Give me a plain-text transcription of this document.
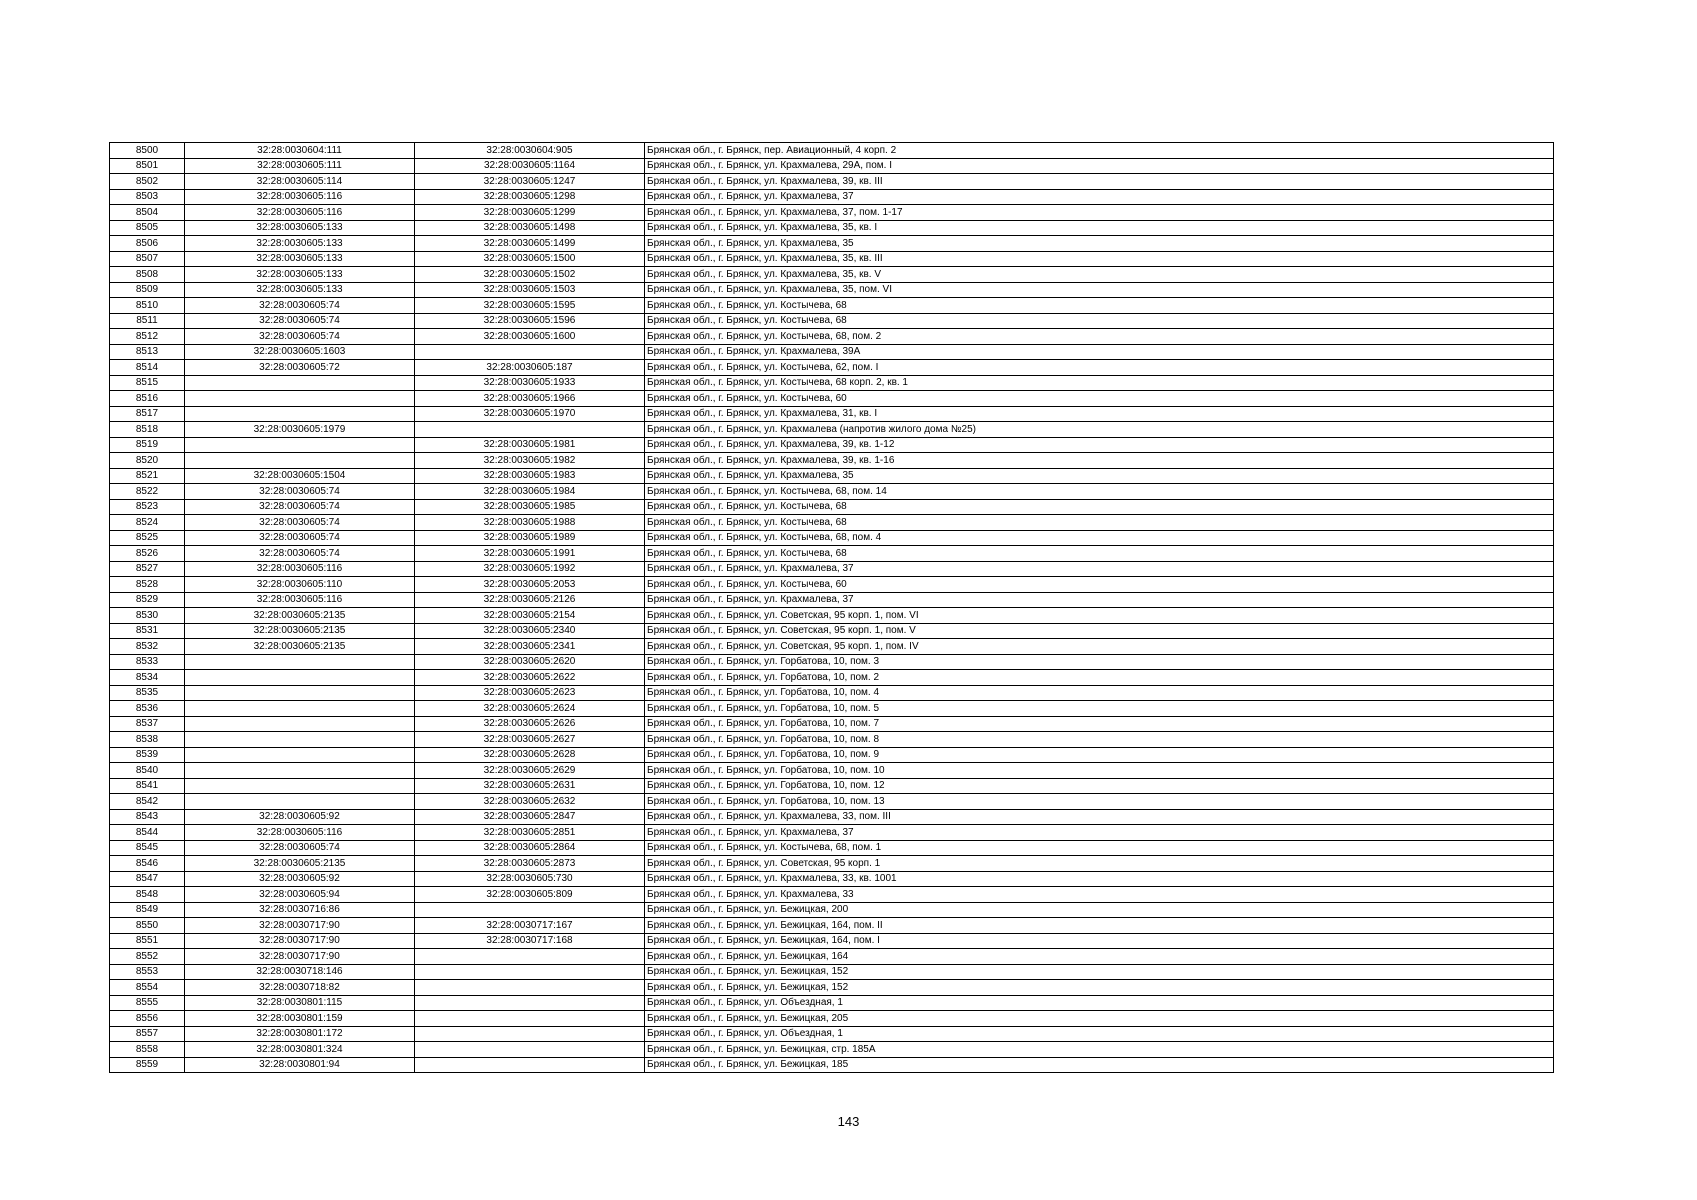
8500	32:28:0030604:111	32:28:0030604:905	Брянская обл., г. Брянск, пер. Авиационный, 4 корп. 2
8501	32:28:0030605:111	32:28:0030605:1164	Брянская обл., г. Брянск, ул. Крахмалева, 29А, пом. I
8502	32:28:0030605:114	32:28:0030605:1247	Брянская обл., г. Брянск, ул. Крахмалева, 39, кв. III
8503	32:28:0030605:116	32:28:0030605:1298	Брянская обл., г. Брянск, ул. Крахмалева, 37
8504	32:28:0030605:116	32:28:0030605:1299	Брянская обл., г. Брянск, ул. Крахмалева, 37, пом. 1-17
8505	32:28:0030605:133	32:28:0030605:1498	Брянская обл., г. Брянск, ул. Крахмалева, 35, кв. I
8506	32:28:0030605:133	32:28:0030605:1499	Брянская обл., г. Брянск, ул. Крахмалева, 35
8507	32:28:0030605:133	32:28:0030605:1500	Брянская обл., г. Брянск, ул. Крахмалева, 35, кв. III
8508	32:28:0030605:133	32:28:0030605:1502	Брянская обл., г. Брянск, ул. Крахмалева, 35, кв. V
8509	32:28:0030605:133	32:28:0030605:1503	Брянская обл., г. Брянск, ул. Крахмалева, 35, пом. VI
8510	32:28:0030605:74	32:28:0030605:1595	Брянская обл., г. Брянск, ул. Костычева, 68
8511	32:28:0030605:74	32:28:0030605:1596	Брянская обл., г. Брянск, ул. Костычева, 68
8512	32:28:0030605:74	32:28:0030605:1600	Брянская обл., г. Брянск, ул. Костычева, 68, пом. 2
8513	32:28:0030605:1603		Брянская обл., г. Брянск, ул. Крахмалева, 39А
8514	32:28:0030605:72	32:28:0030605:187	Брянская обл., г. Брянск, ул. Костычева, 62, пом. I
8515		32:28:0030605:1933	Брянская обл., г. Брянск, ул. Костычева, 68 корп. 2, кв. 1
8516		32:28:0030605:1966	Брянская обл., г. Брянск, ул. Костычева, 60
8517		32:28:0030605:1970	Брянская обл., г. Брянск, ул. Крахмалева, 31, кв. I
8518	32:28:0030605:1979		Брянская обл., г. Брянск, ул. Крахмалева (напротив жилого дома №25)
8519		32:28:0030605:1981	Брянская обл., г. Брянск, ул. Крахмалева, 39, кв. 1-12
8520		32:28:0030605:1982	Брянская обл., г. Брянск, ул. Крахмалева, 39, кв. 1-16
8521	32:28:0030605:1504	32:28:0030605:1983	Брянская обл., г. Брянск, ул. Крахмалева, 35
8522	32:28:0030605:74	32:28:0030605:1984	Брянская обл., г. Брянск, ул. Костычева, 68, пом. 14
8523	32:28:0030605:74	32:28:0030605:1985	Брянская обл., г. Брянск, ул. Костычева, 68
8524	32:28:0030605:74	32:28:0030605:1988	Брянская обл., г. Брянск, ул. Костычева, 68
8525	32:28:0030605:74	32:28:0030605:1989	Брянская обл., г. Брянск, ул. Костычева, 68, пом. 4
8526	32:28:0030605:74	32:28:0030605:1991	Брянская обл., г. Брянск, ул. Костычева, 68
8527	32:28:0030605:116	32:28:0030605:1992	Брянская обл., г. Брянск, ул. Крахмалева, 37
8528	32:28:0030605:110	32:28:0030605:2053	Брянская обл., г. Брянск, ул. Костычева, 60
8529	32:28:0030605:116	32:28:0030605:2126	Брянская обл., г. Брянск, ул. Крахмалева, 37
8530	32:28:0030605:2135	32:28:0030605:2154	Брянская обл., г. Брянск, ул. Советская, 95 корп. 1, пом. VI
8531	32:28:0030605:2135	32:28:0030605:2340	Брянская обл., г. Брянск, ул. Советская, 95 корп. 1, пом. V
8532	32:28:0030605:2135	32:28:0030605:2341	Брянская обл., г. Брянск, ул. Советская, 95 корп. 1, пом. IV
8533		32:28:0030605:2620	Брянская обл., г. Брянск, ул. Горбатова, 10, пом. 3
8534		32:28:0030605:2622	Брянская обл., г. Брянск, ул. Горбатова, 10, пом. 2
8535		32:28:0030605:2623	Брянская обл., г. Брянск, ул. Горбатова, 10, пом. 4
8536		32:28:0030605:2624	Брянская обл., г. Брянск, ул. Горбатова, 10, пом. 5
8537		32:28:0030605:2626	Брянская обл., г. Брянск, ул. Горбатова, 10, пом. 7
8538		32:28:0030605:2627	Брянская обл., г. Брянск, ул. Горбатова, 10, пом. 8
8539		32:28:0030605:2628	Брянская обл., г. Брянск, ул. Горбатова, 10, пом. 9
8540		32:28:0030605:2629	Брянская обл., г. Брянск, ул. Горбатова, 10, пом. 10
8541		32:28:0030605:2631	Брянская обл., г. Брянск, ул. Горбатова, 10, пом. 12
8542		32:28:0030605:2632	Брянская обл., г. Брянск, ул. Горбатова, 10, пом. 13
8543	32:28:0030605:92	32:28:0030605:2847	Брянская обл., г. Брянск, ул. Крахмалева, 33, пом. III
8544	32:28:0030605:116	32:28:0030605:2851	Брянская обл., г. Брянск, ул. Крахмалева, 37
8545	32:28:0030605:74	32:28:0030605:2864	Брянская обл., г. Брянск, ул. Костычева, 68, пом. 1
8546	32:28:0030605:2135	32:28:0030605:2873	Брянская обл., г. Брянск, ул. Советская, 95 корп. 1
8547	32:28:0030605:92	32:28:0030605:730	Брянская обл., г. Брянск, ул. Крахмалева, 33, кв. 1001
8548	32:28:0030605:94	32:28:0030605:809	Брянская обл., г. Брянск, ул. Крахмалева, 33
8549	32:28:0030716:86		Брянская обл., г. Брянск, ул. Бежицкая, 200
8550	32:28:0030717:90	32:28:0030717:167	Брянская обл., г. Брянск, ул. Бежицкая, 164, пом. II
8551	32:28:0030717:90	32:28:0030717:168	Брянская обл., г. Брянск, ул. Бежицкая, 164, пом. I
8552	32:28:0030717:90		Брянская обл., г. Брянск, ул. Бежицкая, 164
8553	32:28:0030718:146		Брянская обл., г. Брянск, ул. Бежицкая, 152
8554	32:28:0030718:82		Брянская обл., г. Брянск, ул. Бежицкая, 152
8555	32:28:0030801:115		Брянская обл., г. Брянск, ул. Объездная, 1
8556	32:28:0030801:159		Брянская обл., г. Брянск, ул. Бежицкая, 205
8557	32:28:0030801:172		Брянская обл., г. Брянск, ул. Объездная, 1
8558	32:28:0030801:324		Брянская обл., г. Брянск, ул. Бежицкая, стр. 185А
8559	32:28:0030801:94		Брянская обл., г. Брянск, ул. Бежицкая, 185
143
